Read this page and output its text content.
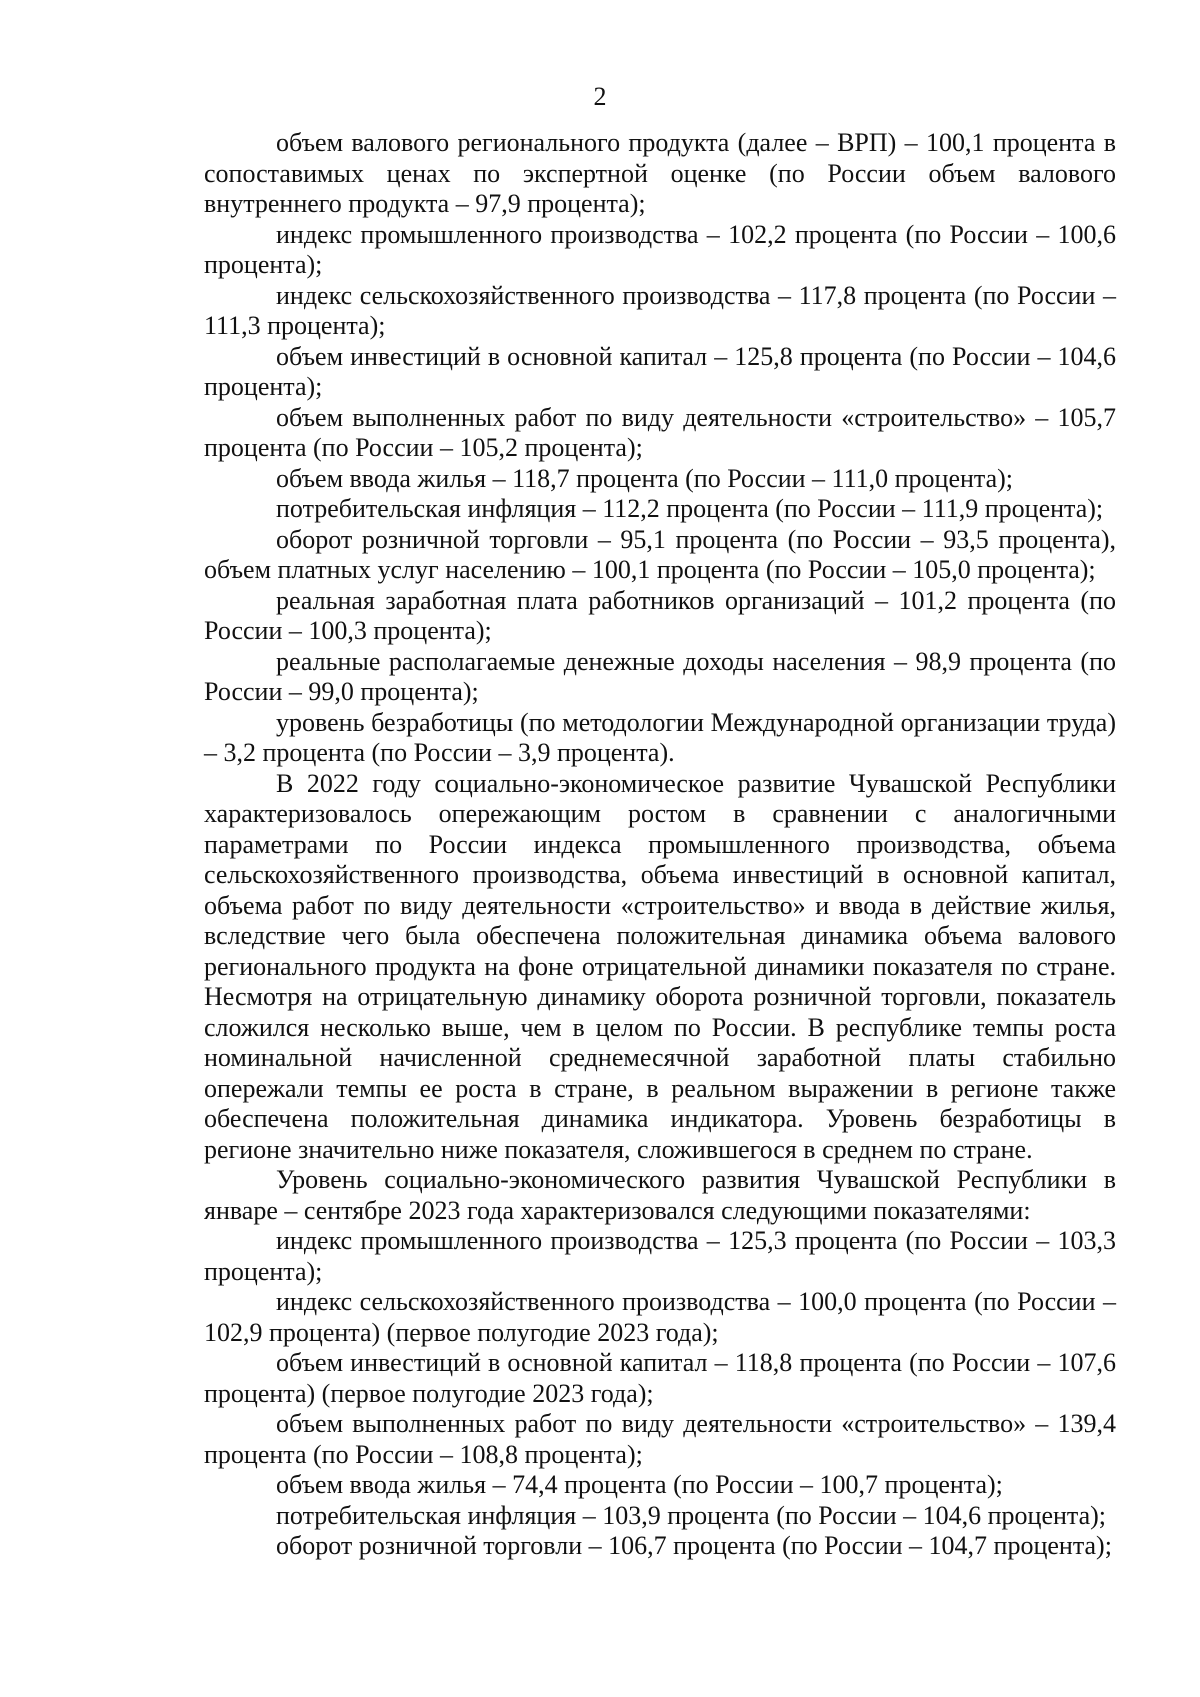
2

объем валового регионального продукта (далее – ВРП) – 100,1 процента в сопоставимых ценах по экспертной оценке (по России объем валового внутреннего продукта – 97,9 процента);

индекс промышленного производства – 102,2 процента (по России – 100,6 процента);

индекс сельскохозяйственного производства – 117,8 процента (по России – 111,3 процента);

объем инвестиций в основной капитал – 125,8 процента (по России – 104,6 процента);

объем выполненных работ по виду деятельности «строительство» – 105,7 процента (по России – 105,2 процента);

объем ввода жилья – 118,7 процента (по России – 111,0 процента);

потребительская инфляция – 112,2 процента (по России – 111,9 процента);

оборот розничной торговли – 95,1 процента (по России – 93,5 процента), объем платных услуг населению – 100,1 процента (по России – 105,0 процента);

реальная заработная плата работников организаций – 101,2 процента (по России – 100,3 процента);

реальные располагаемые денежные доходы населения – 98,9 процента (по России – 99,0 процента);

уровень безработицы (по методологии Международной организации труда) – 3,2 процента (по России – 3,9 процента).

В 2022 году социально-экономическое развитие Чувашской Республики характеризовалось опережающим ростом в сравнении с аналогичными параметрами по России индекса промышленного производства, объема сельскохозяйственного производства, объема инвестиций в основной капитал, объема работ по виду деятельности «строительство» и ввода в действие жилья, вследствие чего была обеспечена положительная динамика объема валового регионального продукта на фоне отрицательной динамики показателя по стране. Несмотря на отрицательную динамику оборота розничной торговли, показатель сложился несколько выше, чем в целом по России. В республике темпы роста номинальной начисленной среднемесячной заработной платы стабильно опережали темпы ее роста в стране, в реальном выражении в регионе также обеспечена положительная динамика индикатора. Уровень безработицы в регионе значительно ниже показателя, сложившегося в среднем по стране.

Уровень социально-экономического развития Чувашской Республики в январе – сентябре 2023 года характеризовался следующими показателями:

индекс промышленного производства – 125,3 процента (по России – 103,3 процента);

индекс сельскохозяйственного производства – 100,0 процента (по России – 102,9 процента) (первое полугодие 2023 года);

объем инвестиций в основной капитал – 118,8 процента (по России – 107,6 процента) (первое полугодие 2023 года);

объем выполненных работ по виду деятельности «строительство» – 139,4 процента (по России – 108,8 процента);

объем ввода жилья – 74,4 процента (по России – 100,7 процента);

потребительская инфляция – 103,9 процента (по России – 104,6 процента);

оборот розничной торговли – 106,7 процента (по России – 104,7 процента);
